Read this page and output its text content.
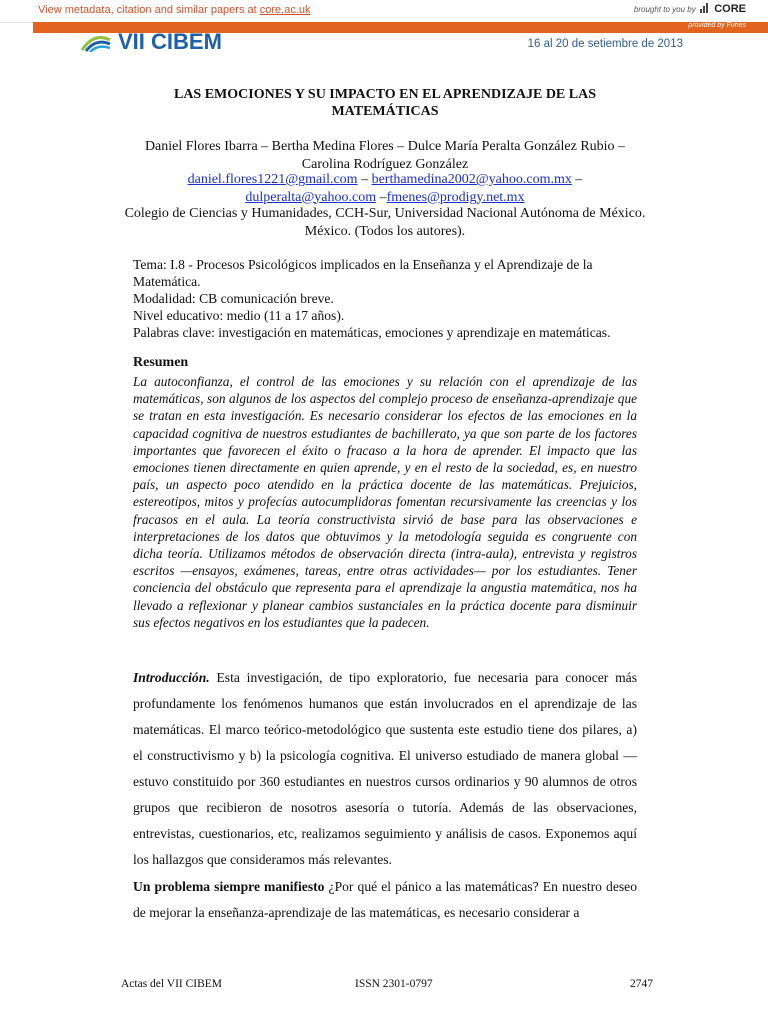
View metadata, citation and similar papers at core.ac.uk	brought to you by CORE
provided by Funes
VII CIBEM	16 al 20 de setiembre de 2013
LAS EMOCIONES Y SU IMPACTO EN EL APRENDIZAJE DE LAS MATEMÁTICAS
Daniel Flores Ibarra – Bertha Medina Flores – Dulce María Peralta González Rubio – Carolina Rodríguez González
daniel.flores1221@gmail.com – berthamedina2002@yahoo.com.mx –
dulperalta@yahoo.com –fmenes@prodigy.net.mx
Colegio de Ciencias y Humanidades, CCH-Sur, Universidad Nacional Autónoma de México. México. (Todos los autores).
Tema: I.8 - Procesos Psicológicos implicados en la Enseñanza y el Aprendizaje de la Matemática.
Modalidad: CB comunicación breve.
Nivel educativo: medio (11 a 17 años).
Palabras clave: investigación en matemáticas, emociones y aprendizaje en matemáticas.
Resumen
La autoconfianza, el control de las emociones y su relación con el aprendizaje de las matemáticas, son algunos de los aspectos del complejo proceso de enseñanza-aprendizaje que se tratan en esta investigación. Es necesario considerar los efectos de las emociones en la capacidad cognitiva de nuestros estudiantes de bachillerato, ya que son parte de los factores importantes que favorecen el éxito o fracaso a la hora de aprender. El impacto que las emociones tienen directamente en quien aprende, y en el resto de la sociedad, es, en nuestro país, un aspecto poco atendido en la práctica docente de las matemáticas. Prejuicios, estereotipos, mitos y profecías autocumplidoras fomentan recursivamente las creencias y los fracasos en el aula. La teoría constructivista sirvió de base para las observaciones e interpretaciones de los datos que obtuvimos y la metodología seguida es congruente con dicha teoría. Utilizamos métodos de observación directa (intra-aula), entrevista y registros escritos —ensayos, exámenes, tareas, entre otras actividades— por los estudiantes. Tener conciencia del obstáculo que representa para el aprendizaje la angustia matemática, nos ha llevado a reflexionar y planear cambios sustanciales en la práctica docente para disminuir sus efectos negativos en los estudiantes que la padecen.
Introducción. Esta investigación, de tipo exploratorio, fue necesaria para conocer más profundamente los fenómenos humanos que están involucrados en el aprendizaje de las matemáticas. El marco teórico-metodológico que sustenta este estudio tiene dos pilares, a) el constructivismo y b) la psicología cognitiva. El universo estudiado de manera global —estuvo constituido por 360 estudiantes en nuestros cursos ordinarios y 90 alumnos de otros grupos que recibieron de nosotros asesoría o tutoría. Además de las observaciones, entrevistas, cuestionarios, etc, realizamos seguimiento y análisis de casos. Exponemos aquí los hallazgos que consideramos más relevantes.
Un problema siempre manifiesto ¿Por qué el pánico a las matemáticas? En nuestro deseo de mejorar la enseñanza-aprendizaje de las matemáticas, es necesario considerar a
Actas del VII CIBEM	ISSN 2301-0797	2747
